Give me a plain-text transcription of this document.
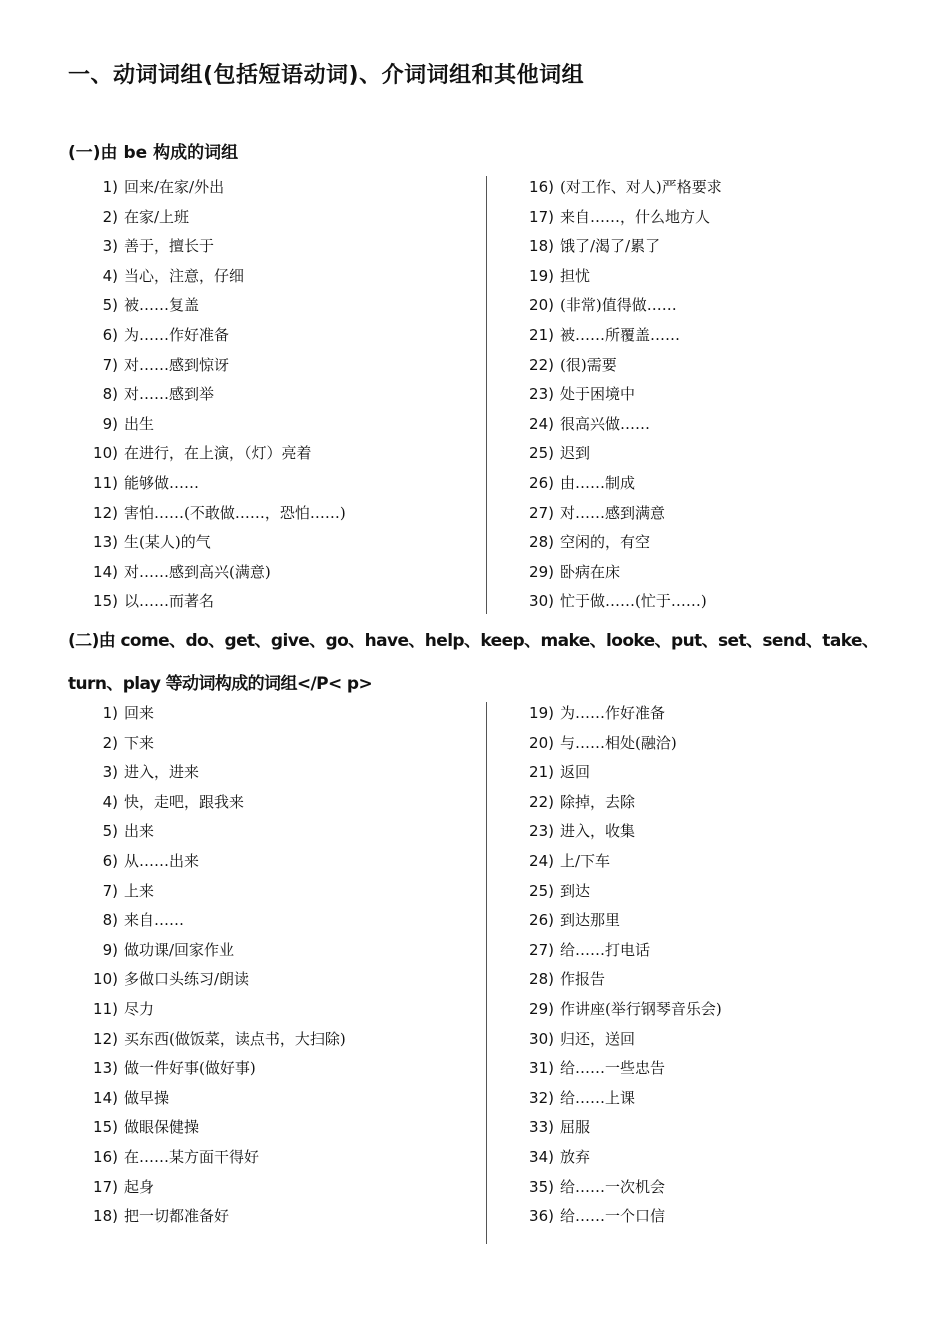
一、动词词组(包括短语动词)、介词词组和其他词组
(一)由 be 构成的词组
1) 回来/在家/外出
2) 在家/上班
3) 善于，擅长于
4) 当心，注意，仔细
5) 被……复盖
6) 为……作好准备
7) 对……感到惊讶
8) 对……感到举
9) 出生
10) 在进行，在上演，（灯）亮着
11) 能够做……
12) 害怕……(不敢做……，恐怕……)
13) 生(某人)的气
14) 对……感到高兴(满意)
15) 以……而著名
16) (对工作、对人)严格要求
17) 来自……，什么地方人
18) 饿了/渴了/累了
19) 担忧
20) (非常)值得做……
21) 被……所覆盖……
22) (很)需要
23) 处于困境中
24) 很高兴做……
25) 迟到
26) 由……制成
27) 对……感到满意
28) 空闲的，有空
29) 卧病在床
30) 忙于做……(忙于……)
(二)由 come、do、get、give、go、have、help、keep、make、looke、put、set、send、take、turn、play 等动词构成的词组</P< p>
1) 回来
2) 下来
3) 进入，进来
4) 快，走吧，跟我来
5) 出来
6) 从……出来
7) 上来
8) 来自……
9) 做功课/回家作业
10) 多做口头练习/朗读
11) 尽力
12) 买东西(做饭菜，读点书，大扫除)
13) 做一件好事(做好事)
14) 做早操
15) 做眼保健操
16) 在……某方面干得好
17) 起身
18) 把一切都准备好
19) 为……作好准备
20) 与……相处(融洽)
21) 返回
22) 除掉，去除
23) 进入，收集
24) 上/下车
25) 到达
26) 到达那里
27) 给……打电话
28) 作报告
29) 作讲座(举行钢琴音乐会)
30) 归还，送回
31) 给……一些忠告
32) 给……上课
33) 屈服
34) 放弃
35) 给……一次机会
36) 给……一个口信
